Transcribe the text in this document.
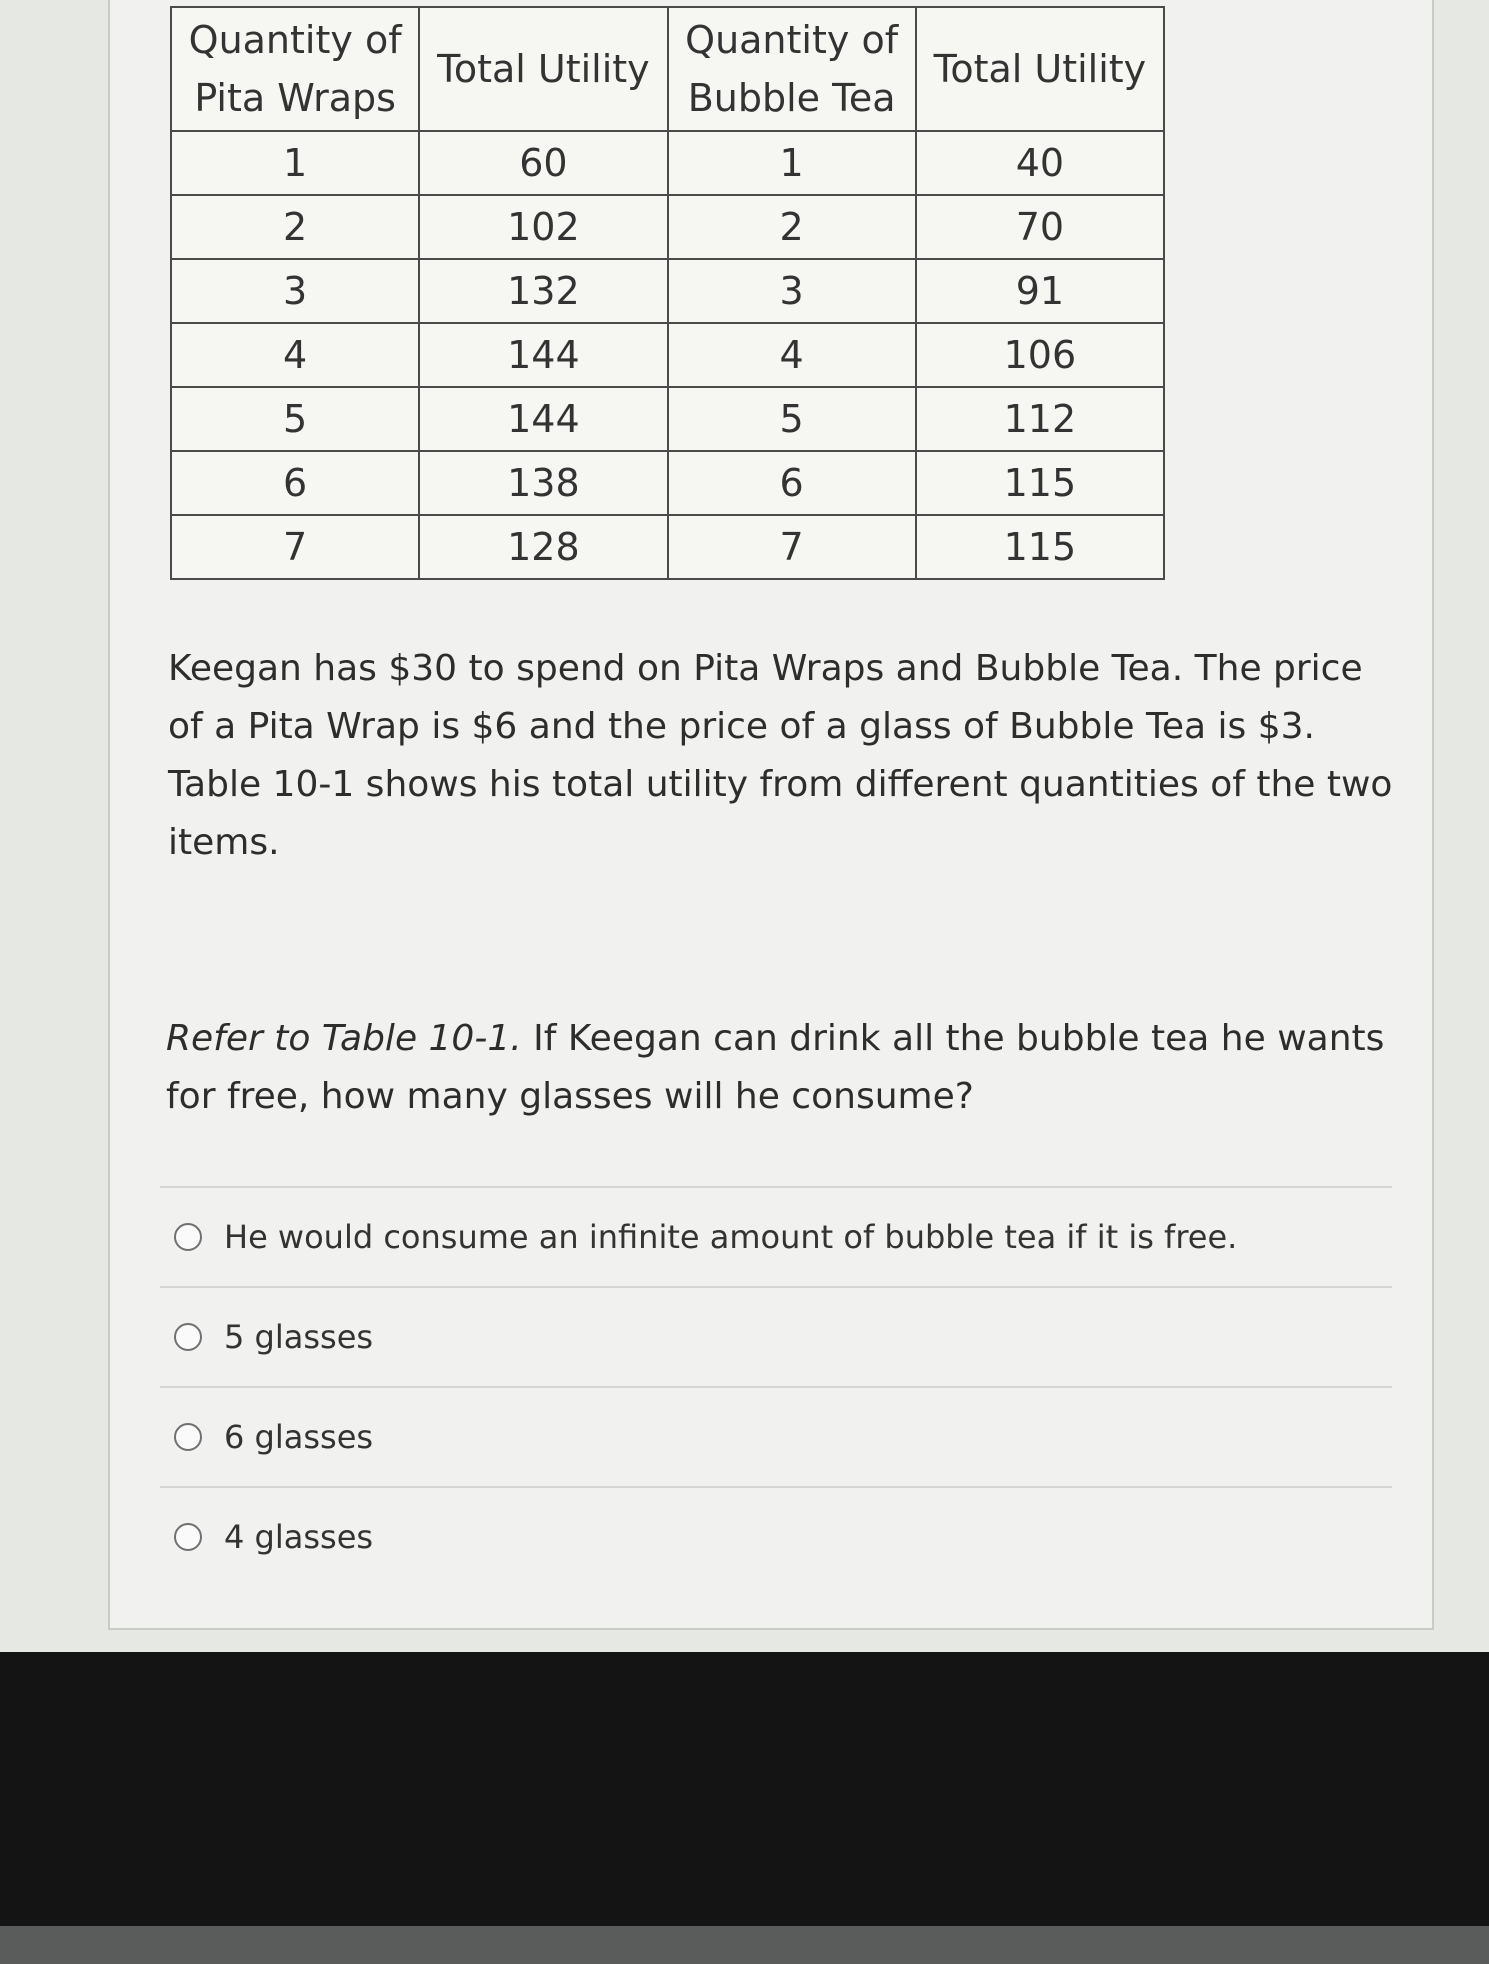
Quantity of Pita Wraps	Total Utility	Quantity of Bubble Tea	Total Utility
1	60	1	40
2	102	2	70
3	132	3	91
4	144	4	106
5	144	5	112
6	138	6	115
7	128	7	115

Keegan has $30 to spend on Pita Wraps and Bubble Tea. The price of a Pita Wrap is $6 and the price of a glass of Bubble Tea is $3. Table 10-1 shows his total utility from different quantities of the two items.

Refer to Table 10-1. If Keegan can drink all the bubble tea he wants for free, how many glasses will he consume?

He would consume an infinite amount of bubble tea if it is free.
5 glasses
6 glasses
4 glasses
